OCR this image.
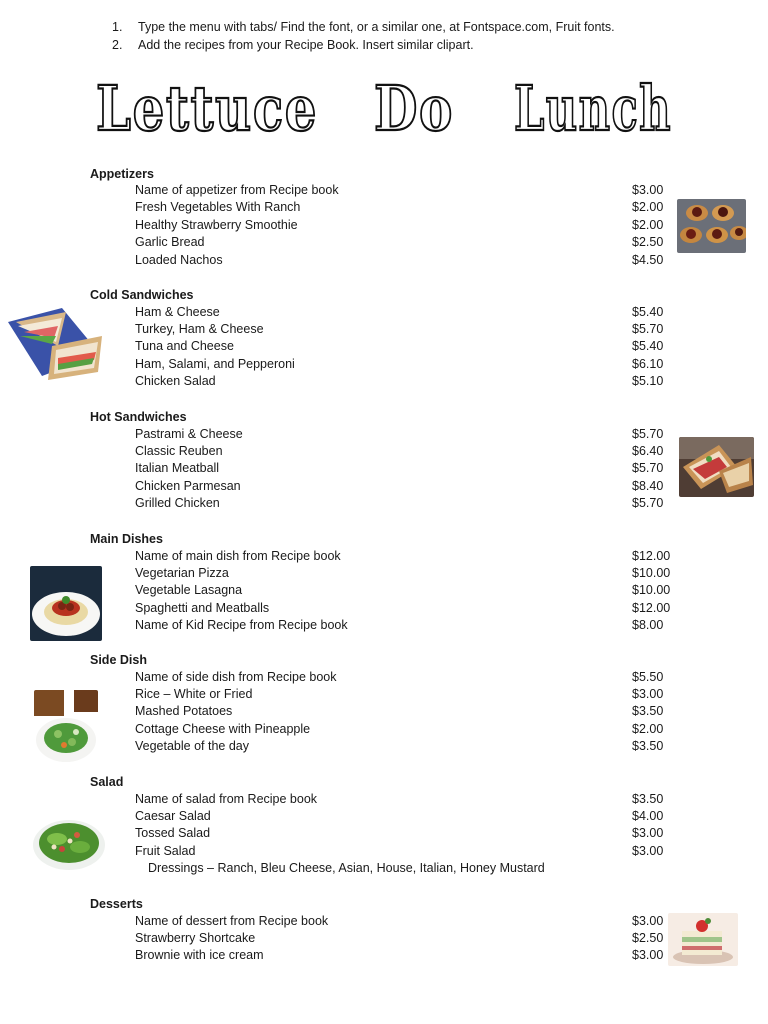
1.	Type the menu with tabs/ Find the font, or a similar one, at Fontspace.com, Fruit fonts.
2.	Add the recipes from your Recipe Book. Insert similar clipart.
Lettuce Do Lunch
Appetizers
Name of appetizer from Recipe book	$3.00
Fresh Vegetables With Ranch	$2.00
Healthy Strawberry Smoothie	$2.00
Garlic Bread	$2.50
Loaded Nachos	$4.50
Cold Sandwiches
Ham & Cheese	$5.40
Turkey, Ham & Cheese	$5.70
Tuna and Cheese	$5.40
Ham, Salami, and Pepperoni	$6.10
Chicken Salad	$5.10
Hot Sandwiches
Pastrami & Cheese	$5.70
Classic Reuben	$6.40
Italian Meatball	$5.70
Chicken Parmesan	$8.40
Grilled Chicken	$5.70
Main Dishes
Name of main dish from Recipe book	$12.00
Vegetarian Pizza	$10.00
Vegetable Lasagna	$10.00
Spaghetti and Meatballs	$12.00
Name of Kid Recipe from Recipe book	$8.00
Side Dish
Name of side dish from Recipe book	$5.50
Rice – White or Fried	$3.00
Mashed Potatoes	$3.50
Cottage Cheese with Pineapple	$2.00
Vegetable of the day	$3.50
Salad
Name of salad from Recipe book	$3.50
Caesar Salad	$4.00
Tossed Salad	$3.00
Fruit Salad	$3.00
Dressings – Ranch, Bleu Cheese, Asian, House, Italian, Honey Mustard
Desserts
Name of dessert from Recipe book	$3.00
Strawberry Shortcake	$2.50
Brownie with ice cream	$3.00
